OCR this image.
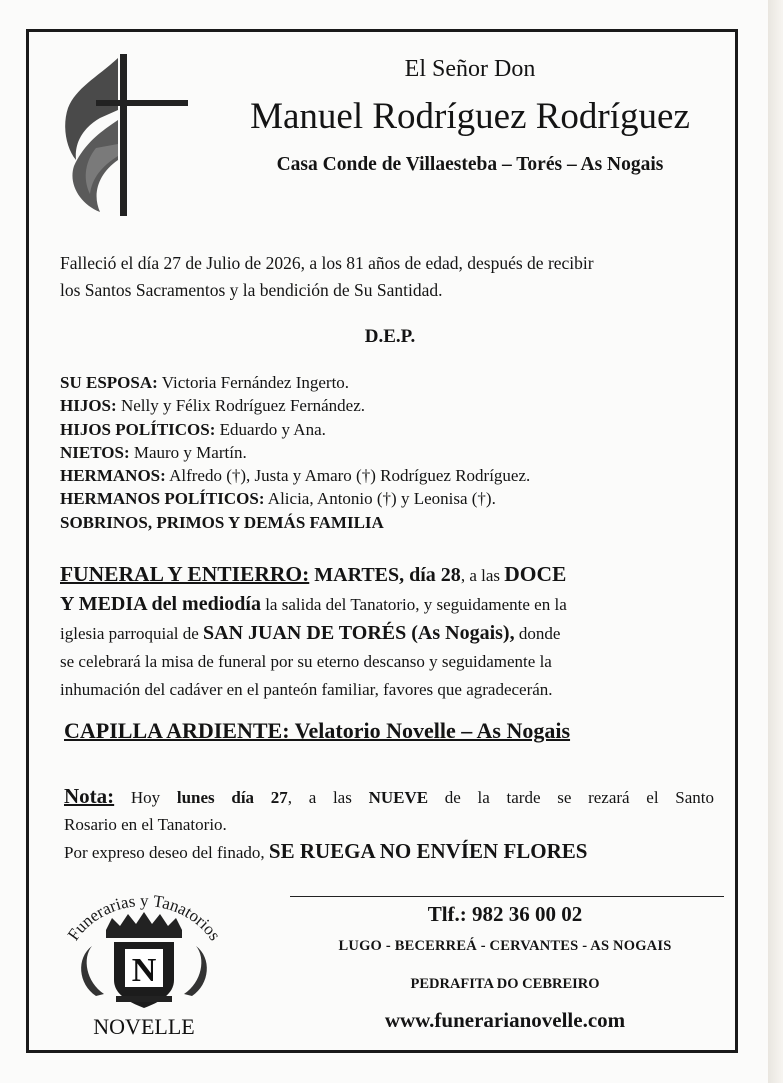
El Señor Don
Manuel Rodríguez Rodríguez
Casa Conde de Villaesteba – Torés – As Nogais
Falleció el día 27 de Julio de 2026, a los 81 años de edad, después de recibir
los Santos Sacramentos y la bendición de Su Santidad.
D.E.P.
SU ESPOSA: Victoria Fernández Ingerto.
HIJOS: Nelly y Félix Rodríguez Fernández.
HIJOS POLÍTICOS: Eduardo y Ana.
NIETOS: Mauro y Martín.
HERMANOS: Alfredo (†), Justa y Amaro (†) Rodríguez Rodríguez.
HERMANOS POLÍTICOS: Alicia, Antonio (†) y Leonisa (†).
SOBRINOS, PRIMOS Y DEMÁS FAMILIA
FUNERAL Y ENTIERRO: MARTES, día 28, a las DOCE
Y MEDIA del mediodía la salida del Tanatorio, y seguidamente en la
iglesia parroquial de SAN JUAN DE TORÉS (As Nogais), donde
se celebrará la misa de funeral por su eterno descanso y seguidamente la
inhumación del cadáver en el panteón familiar, favores que agradecerán.
CAPILLA ARDIENTE: Velatorio Novelle – As Nogais
Nota: Hoy lunes día 27, a las NUEVE de la tarde se rezará el Santo
Rosario en el Tanatorio.
Por expreso deseo del finado, SE RUEGA NO ENVÍEN FLORES
Tlf.: 982 36 00 02
LUGO - BECERREÁ - CERVANTES - AS NOGAIS
PEDRAFITA DO CEBREIRO
www.funerarianovelle.com
Funerarias y Tanatorios
N
NOVELLE
